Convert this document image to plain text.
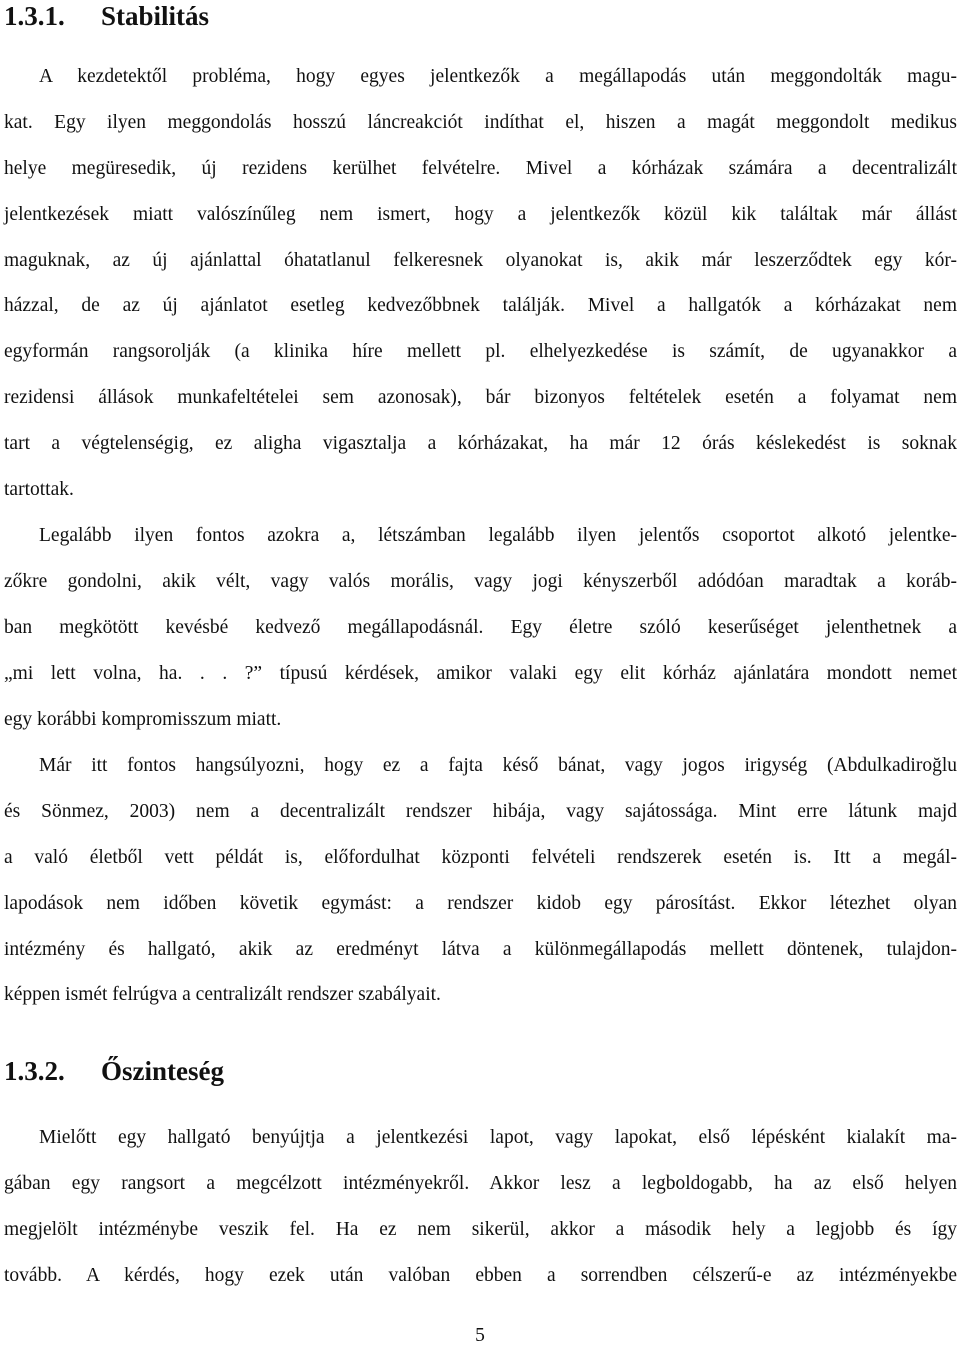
1.3.1. Stabilitás
A kezdetektől probléma, hogy egyes jelentkezők a megállapodás után meggondolták magu-
kat. Egy ilyen meggondolás hosszú láncreakciót indíthat el, hiszen a magát meggondolt medikus
helye megüresedik, új rezidens kerülhet felvételre. Mivel a kórházak számára a decentralizált
jelentkezések miatt valószínűleg nem ismert, hogy a jelentkezők közül kik találtak már állást
maguknak, az új ajánlattal óhatatlanul felkeresnek olyanokat is, akik már leszerződtek egy kór-
házzal, de az új ajánlatot esetleg kedvezőbbnek találják. Mivel a hallgatók a kórházakat nem
egyformán rangsorolják (a klinika híre mellett pl. elhelyezkedése is számít, de ugyanakkor a
rezidensi állások munkafeltételei sem azonosak), bár bizonyos feltételek esetén a folyamat nem
tart a végtelenségig, ez aligha vigasztalja a kórházakat, ha már 12 órás késlekedést is soknak
tartottak.
Legalább ilyen fontos azokra a, létszámban legalább ilyen jelentős csoportot alkotó jelentke-
zőkre gondolni, akik vélt, vagy valós morális, vagy jogi kényszerből adódóan maradtak a koráb-
ban megkötött kevésbé kedvező megállapodásnál. Egy életre szóló keserűséget jelenthetnek a
„mi lett volna, ha. . . ?” típusú kérdések, amikor valaki egy elit kórház ajánlatára mondott nemet
egy korábbi kompromisszum miatt.
Már itt fontos hangsúlyozni, hogy ez a fajta késő bánat, vagy jogos irigység (Abdulkadiroğlu
és Sönmez, 2003) nem a decentralizált rendszer hibája, vagy sajátossága. Mint erre látunk majd
a való életből vett példát is, előfordulhat központi felvételi rendszerek esetén is. Itt a megál-
lapodások nem időben követik egymást: a rendszer kidob egy párosítást. Ekkor létezhet olyan
intézmény és hallgató, akik az eredményt látva a különmegállapodás mellett döntenek, tulajdon-
képpen ismét felrúgva a centralizált rendszer szabályait.
1.3.2. Őszinteség
Mielőtt egy hallgató benyújtja a jelentkezési lapot, vagy lapokat, első lépésként kialakít ma-
gában egy rangsort a megcélzott intézményekről. Akkor lesz a legboldogabb, ha az első helyen
megjelölt intézménybe veszik fel. Ha ez nem sikerül, akkor a második hely a legjobb és így
tovább. A kérdés, hogy ezek után valóban ebben a sorrendben célszerű-e az intézményekbe
5
